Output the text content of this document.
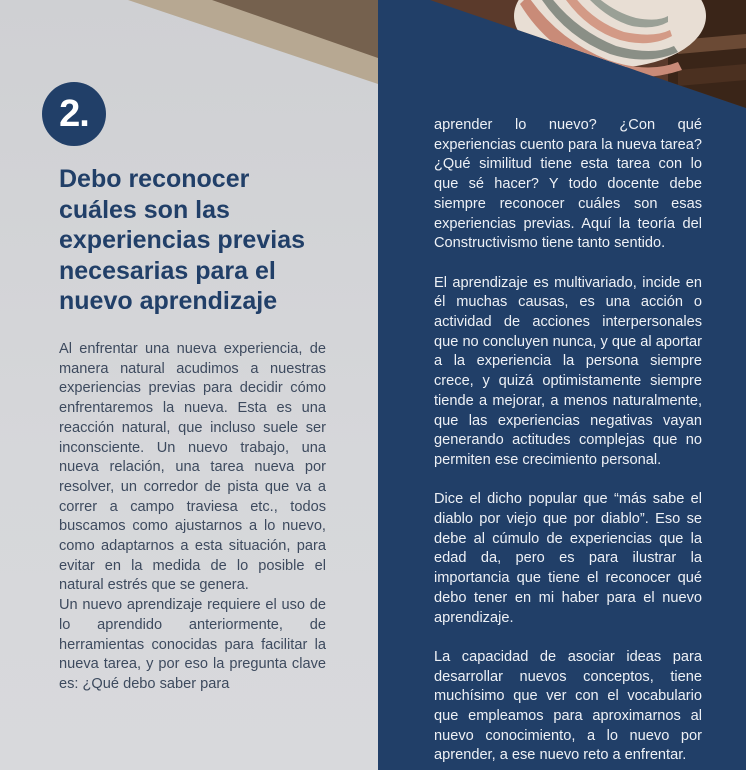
2.
Debo reconocer
cuáles son las
experiencias previas
necesarias para el
nuevo aprendizaje

Al enfrentar una nueva experiencia, de manera natural acudimos a nuestras experiencias previas para decidir cómo enfrentaremos la nueva. Esta es una reacción natural, que incluso suele ser inconsciente. Un nuevo trabajo, una nueva relación, una tarea nueva por resolver, un corredor de pista que va a correr a campo traviesa etc., todos buscamos como ajustarnos a lo nuevo, como adaptarnos a esta situación, para evitar en la medida de lo posible el natural estrés que se genera.

Un nuevo aprendizaje requiere el uso de lo aprendido anteriormente, de herramientas conocidas para facilitar la nueva tarea, y por eso la pregunta clave es: ¿Qué debo saber para

aprender lo nuevo? ¿Con qué experiencias cuento para la nueva tarea? ¿Qué similitud tiene esta tarea con lo que sé hacer? Y todo docente debe siempre reconocer cuáles son esas experiencias previas. Aquí la teoría del Constructivismo tiene tanto sentido.

El aprendizaje es multivariado, incide en él muchas causas, es una acción o actividad de acciones interpersonales que no concluyen nunca, y que al aportar a la experiencia la persona siempre crece, y quizá optimistamente siempre tiende a mejorar, a menos naturalmente, que las experiencias negativas vayan generando actitudes complejas que no permiten ese crecimiento personal.

Dice el dicho popular que “más sabe el diablo por viejo que por diablo”. Eso se debe al cúmulo de experiencias que la edad da, pero es para ilustrar la importancia que tiene el reconocer qué debo tener en mi haber para el nuevo aprendizaje.

La capacidad de asociar ideas para desarrollar nuevos conceptos, tiene muchísimo que ver con el vocabulario que empleamos para aproximarnos al nuevo conocimiento, a lo nuevo por aprender, a ese nuevo reto a enfrentar.
